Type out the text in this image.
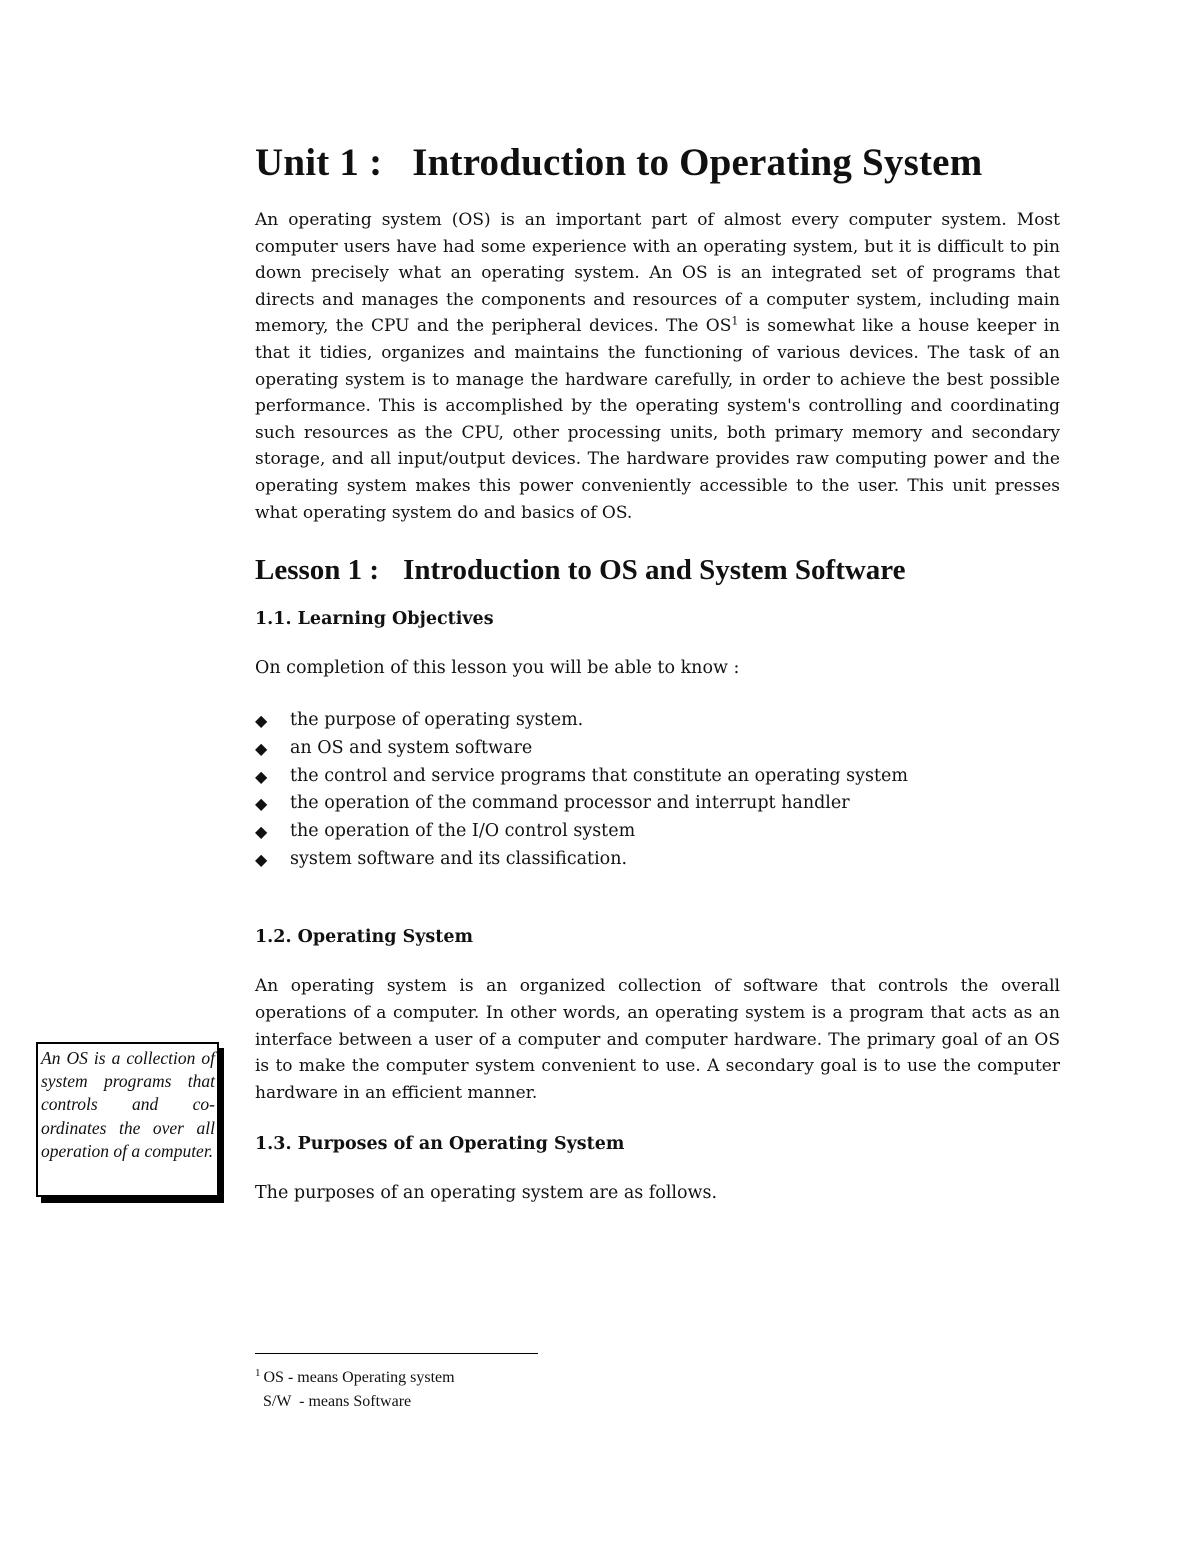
Unit 1 : Introduction to Operating System

An operating system (OS) is an important part of almost every computer system. Most computer users have had some experience with an operating system, but it is difficult to pin down precisely what an operating system. An OS is an integrated set of programs that directs and manages the components and resources of a computer system, including main memory, the CPU and the peripheral devices. The OS$^1$ is somewhat like a house keeper in that it tidies, organizes and maintains the functioning of various devices. The task of an operating system is to manage the hardware carefully, in order to achieve the best possible performance. This is accomplished by the operating system's controlling and coordinating such resources as the CPU, other processing units, both primary memory and secondary storage, and all input/output devices. The hardware provides raw computing power and the operating system makes this power conveniently accessible to the user. This unit presses what operating system do and basics of OS.

Lesson 1 : Introduction to OS and System Software
1.1. Learning Objectives

On completion of this lesson you will be able to know :

◆ the purpose of operating system.
◆ an OS and system software
◆ the control and service programs that constitute an operating system
◆ the operation of the command processor and interrupt handler
◆ the operation of the I/O control system
◆ system software and its classification.
1.2. Operating System

An operating system is an organized collection of software that controls the overall operations of a computer. In other words, an operating system is a program that acts as an interface between a user of a computer and computer hardware. The primary goal of an OS is to make the computer system convenient to use. A secondary goal is to use the computer hardware in an efficient manner.

1.3. Purposes of an Operating System

The purposes of an operating system are as follows.

An OS is a collection of system programs that controls and co-ordinates the over all operation of a computer.
$^1$ OS - means Operating system
S/W  - means Software
